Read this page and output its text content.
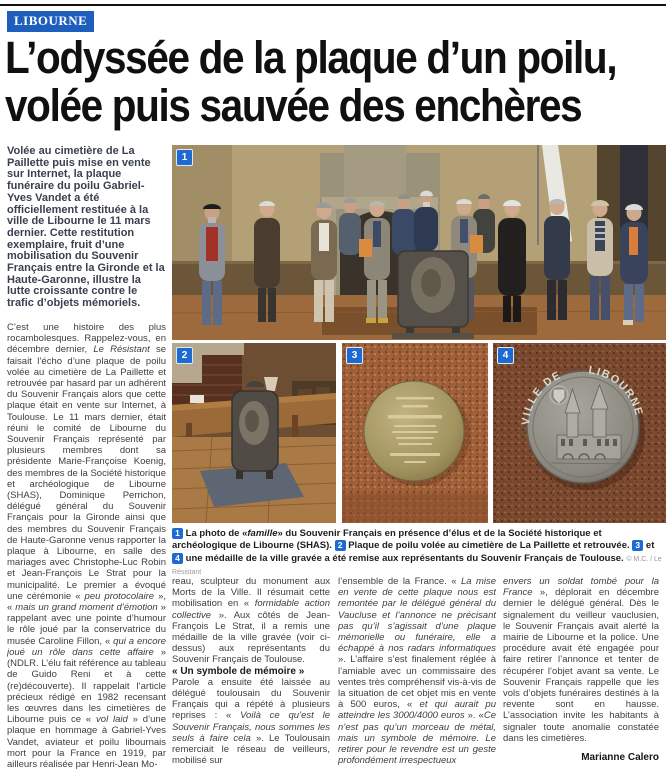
LIBOURNE
L’odyssée de la plaque d’un poilu,
volée puis sauvée des enchères
Volée au cimetière de La Paillette puis mise en vente sur Internet, la plaque funéraire du poilu Gabriel-Yves Vandet a été officiellement restituée à la ville de Libourne le 11 mars dernier. Cette restitution exemplaire, fruit d’une mobilisation du Souvenir Français entre la Gironde et la Haute-Garonne, illustre la lutte croissante contre le trafic d’objets mémoriels.

C’est une histoire des plus rocambolesques. Rappelez-vous, en décembre dernier, Le Résistant se faisait l’écho d’une plaque de poilu volée au cimetière de La Paillette et retrouvée par hasard par un adhérent du Souvenir Français alors que cette plaque était en vente sur Internet, à Toulouse. Le 11 mars dernier, était réuni le comité de Libourne du Souvenir Français représenté par plusieurs membres dont sa présidente Marie-Françoise Koenig, des membres de la Société historique et archéologique de Libourne (SHAS), Dominique Perrichon, délégué général du Souvenir Français pour la Gironde ainsi que des membres du Souvenir Français de Haute-Garonne venus rapporter la plaque à Libourne, en salle des mariages avec Christophe-Luc Robin et Jean-François Le Strat pour la municipalité. Le premier a évoqué une cérémonie « peu protocolaire », « mais un grand moment d’émotion » rappelant avec une pointe d’humour le rôle joué par la conservatrice du musée Caroline Fillon, « qui a encore joué un rôle dans cette affaire » (NDLR. L’élu fait référence au tableau de Guido Reni et à cette (re)découverte). Il rappelait l’article précieux rédigé en 1982 recensant les œuvres dans les cimetières de Libourne puis ce « vol laid » d’une plaque en hommage à Gabriel-Yves Vandet, aviateur et poilu libournais mort pour la France en 1919, par ailleurs réalisée par Henri-Jean Mo-

1
2	3
VILLE DE LIBOURNE
4
1 La photo de «famille» du Souvenir Français en présence d’élus et de la Société historique et archéologique de Libourne (SHAS). 2 Plaque de poilu volée au cimetière de La Paillette et retrouvée. 3 et 4 une médaille de la ville gravée a été remise aux représentants du Souvenir Français de Toulouse. © M.C. / Le Résistant

reau, sculpteur du monument aux Morts de la Ville. Il résumait cette mobilisation en « formidable action collective ». Aux côtés de Jean-François Le Strat, il a remis une médaille de la ville gravée (voir ci-dessus) aux représentants du Souvenir Français de Toulouse.

« Un symbole de mémoire »

Parole a ensuite été laissée au délégué toulousain du Souvenir Français qui a répété à plusieurs reprises : « Voilà ce qu’est le Souvenir Français, nous sommes les seuls à faire cela ». Le Toulousain remerciait le réseau de veilleurs, mobilisé sur

l’ensemble de la France. « La mise en vente de cette plaque nous est remontée par le délégué général du Vaucluse et l’annonce ne précisant pas qu’il s’agissait d’une plaque mémorielle ou funéraire, elle a échappé à nos radars informatiques ». L’affaire s’est finalement réglée à l’amiable avec un commissaire des ventes très compréhensif vis-à-vis de la situation de cet objet mis en vente à 500 euros, « et qui aurait pu atteindre les 3000/4000 euros ». «Ce n’est pas qu’un morceau de métal, mais un symbole de mémoire. Le retirer pour le revendre est un geste profondément irrespectueux

envers un soldat tombé pour la France », déplorait en décembre dernier le délégué général. Dès le signalement du veilleur vauclusien, le Souvenir Français avait alerté la mairie de Libourne et la police. Une procédure avait été engagée pour faire retirer l’annonce et tenter de récupérer l’objet avant sa vente. Le Souvenir Français rappelle que les vols d’objets funéraires destinés à la revente sont en hausse. L’association invite les habitants à signaler toute anomalie constatée dans les cimetières.

Marianne Calero
